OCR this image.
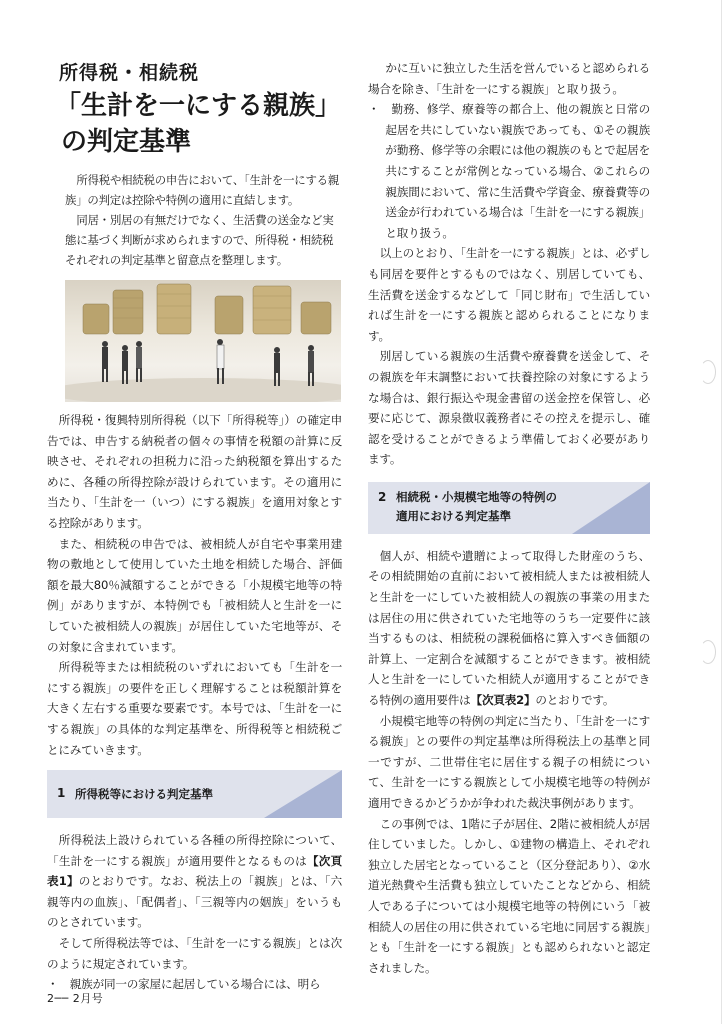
所得税・相続税
「生計を一にする親族」
の判定基準

所得税や相続税の申告において、「生計を一にする親族」の判定は控除や特例の適用に直結します。

同居・別居の有無だけでなく、生活費の送金など実態に基づく判断が求められますので、所得税・相続税それぞれの判定基準と留意点を整理します。

所得税・復興特別所得税（以下「所得税等」）の確定申告では、申告する納税者の個々の事情を税額の計算に反映させ、それぞれの担税力に沿った納税額を算出するために、各種の所得控除が設けられています。その適用に当たり、「生計を一（いつ）にする親族」を適用対象とする控除があります。

また、相続税の申告では、被相続人が自宅や事業用建物の敷地として使用していた土地を相続した場合、評価額を最大80％減額することができる「小規模宅地等の特例」がありますが、本特例でも「被相続人と生計を一にしていた被相続人の親族」が居住していた宅地等が、その対象に含まれています。

所得税等または相続税のいずれにおいても「生計を一にする親族」の要件を正しく理解することは税額計算を大きく左右する重要な要素です。本号では、「生計を一にする親族」の具体的な判定基準を、所得税等と相続税ごとにみていきます。

1 所得税等における判定基準

所得税法上設けられている各種の所得控除について、「生計を一にする親族」が適用要件となるものは【次頁表1】のとおりです。なお、税法上の「親族」とは、「六親等内の血族」、「配偶者」、「三親等内の姻族」をいうものとされています。

そして所得税法等では、「生計を一にする親族」とは次のように規定されています。

・　親族が同一の家屋に起居している場合には、明ら

かに互いに独立した生活を営んでいると認められる場合を除き、「生計を一にする親族」と取り扱う。

・　勤務、修学、療養等の都合上、他の親族と日常の起居を共にしていない親族であっても、①その親族が勤務、修学等の余暇には他の親族のもとで起居を共にすることが常例となっている場合、②これらの親族間において、常に生活費や学資金、療養費等の送金が行われている場合は「生計を一にする親族」と取り扱う。

以上のとおり、「生計を一にする親族」とは、必ずしも同居を要件とするものではなく、別居していても、生活費を送金するなどして「同じ財布」で生活していれば生計を一にする親族と認められることになります。

別居している親族の生活費や療養費を送金して、その親族を年末調整において扶養控除の対象にするような場合は、銀行振込や現金書留の送金控を保管し、必要に応じて、源泉徴収義務者にその控えを提示し、確認を受けることができるよう準備しておく必要があります。

2 相続税・小規模宅地等の特例の
適用における判定基準

個人が、相続や遺贈によって取得した財産のうち、その相続開始の直前において被相続人または被相続人と生計を一にしていた被相続人の親族の事業の用または居住の用に供されていた宅地等のうち一定要件に該当するものは、相続税の課税価格に算入すべき価額の計算上、一定割合を減額することができます。被相続人と生計を一にしていた相続人が適用することができる特例の適用要件は【次頁表2】のとおりです。

小規模宅地等の特例の判定に当たり、「生計を一にする親族」との要件の判定基準は所得税法上の基準と同一ですが、二世帯住宅に居住する親子の相続について、生計を一にする親族として小規模宅地等の特例が適用できるかどうかが争われた裁決事例があります。

この事例では、1階に子が居住、2階に被相続人が居住していました。しかし、①建物の構造上、それぞれ独立した居宅となっていること（区分登記あり）、②水道光熱費や生活費も独立していたことなどから、相続人である子については小規模宅地等の特例にいう「被相続人の居住の用に供されている宅地に同居する親族」とも「生計を一にする親族」とも認められないと認定されました。

2── 2月号
